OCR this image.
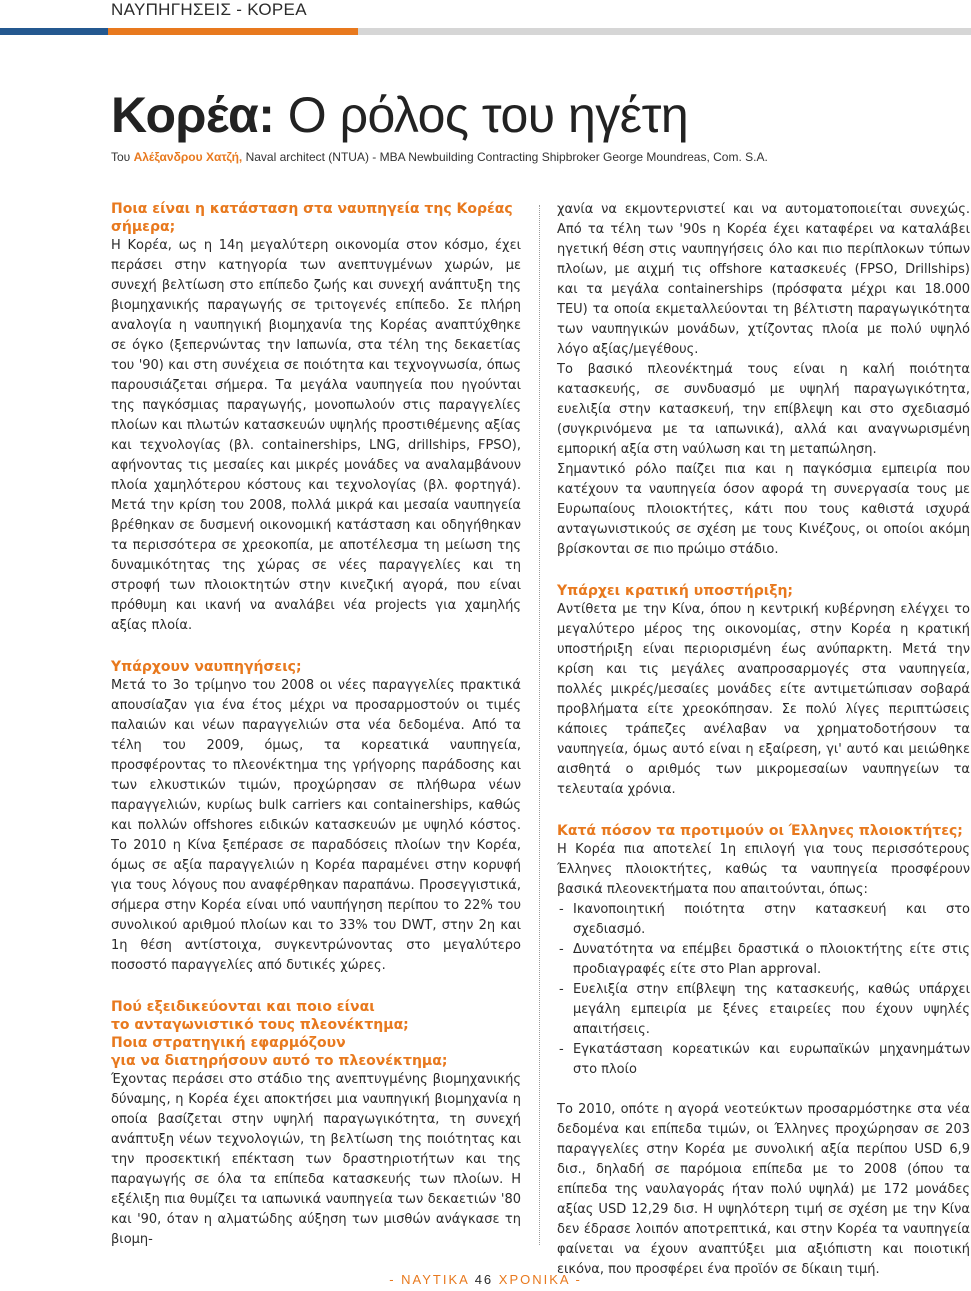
ΝΑΥΠΗΓΗΣΕΙΣ - ΚΟΡΕΑ
Κορέα: Ο ρόλος του ηγέτη
Του Αλέξανδρου Χατζή, Naval architect (NTUA) - MBA Newbuilding Contracting Shipbroker George Moundreas, Com. S.A.
Ποια είναι η κατάσταση στα ναυπηγεία της Κορέας σήμερα;

Η Κορέα, ως η 14η μεγαλύτερη οικονομία στον κόσμο, έχει περάσει στην κατηγορία των ανεπτυγμένων χωρών, με συνεχή βελτίωση στο επίπεδο ζωής και συνεχή ανάπτυξη της βιομηχανικής παραγωγής σε τριτογενές επίπεδο. Σε πλήρη αναλογία η ναυπηγική βιομηχανία της Κορέας αναπτύχθηκε σε όγκο (ξεπερνώντας την Ιαπωνία, στα τέλη της δεκαετίας του '90) και στη συνέχεια σε ποιότητα και τεχνογνωσία, όπως παρουσιάζεται σήμερα. Τα μεγάλα ναυπηγεία που ηγούνται της παγκόσμιας παραγωγής, μονοπωλούν στις παραγγελίες πλοίων και πλωτών κατασκευών υψηλής προστιθέμενης αξίας και τεχνολογίας (βλ. containerships, LNG, drillships, FPSO), αφήνοντας τις μεσαίες και μικρές μονάδες να αναλαμβάνουν πλοία χαμηλότερου κόστους και τεχνολογίας (βλ. φορτηγά). Μετά την κρίση του 2008, πολλά μικρά και μεσαία ναυπηγεία βρέθηκαν σε δυσμενή οικονομική κατάσταση και οδηγήθηκαν τα περισσότερα σε χρεοκοπία, με αποτέλεσμα τη μείωση της δυναμικότητας της χώρας σε νέες παραγγελίες και τη στροφή των πλοιοκτητών στην κινεζική αγορά, που είναι πρόθυμη και ικανή να αναλάβει νέα projects για χαμηλής αξίας πλοία.

Υπάρχουν ναυπηγήσεις;

Μετά το 3ο τρίμηνο του 2008 οι νέες παραγγελίες πρακτικά απουσίαζαν για ένα έτος μέχρι να προσαρμοστούν οι τιμές παλαιών και νέων παραγγελιών στα νέα δεδομένα. Από τα τέλη του 2009, όμως, τα κορεατικά ναυπηγεία, προσφέροντας το πλεονέκτημα της γρήγορης παράδοσης και των ελκυστικών τιμών, προχώρησαν σε πλήθωρα νέων παραγγελιών, κυρίως bulk carriers και containerships, καθώς και πολλών offshores ειδικών κατασκευών με υψηλό κόστος. Το 2010 η Κίνα ξεπέρασε σε παραδόσεις πλοίων την Κορέα, όμως σε αξία παραγγελιών η Κορέα παραμένει στην κορυφή για τους λόγους που αναφέρθηκαν παραπάνω. Προσεγγιστικά, σήμερα στην Κορέα είναι υπό ναυπήγηση περίπου το 22% του συνολικού αριθμού πλοίων και το 33% του DWT, στην 2η και 1η θέση αντίστοιχα, συγκεντρώνοντας στο μεγαλύτερο ποσοστό παραγγελίες από δυτικές χώρες.

Πού εξειδικεύονται και ποιο είναι
το ανταγωνιστικό τους πλεονέκτημα;
Ποια στρατηγική εφαρμόζουν
για να διατηρήσουν αυτό το πλεονέκτημα;

Έχοντας περάσει στο στάδιο της ανεπτυγμένης βιομηχανικής δύναμης, η Κορέα έχει αποκτήσει μια ναυπηγική βιομηχανία η οποία βασίζεται στην υψηλή παραγωγικότητα, τη συνεχή ανάπτυξη νέων τεχνολογιών, τη βελτίωση της ποιότητας και την προσεκτική επέκταση των δραστηριοτήτων και της παραγωγής σε όλα τα επίπεδα κατασκευής των πλοίων. Η εξέλιξη πια θυμίζει τα ιαπωνικά ναυπηγεία των δεκαετιών '80 και '90, όταν η αλματώδης αύξηση των μισθών ανάγκασε τη βιομη-

χανία να εκμοντερνιστεί και να αυτοματοποιείται συνεχώς. Από τα τέλη των '90s η Κορέα έχει καταφέρει να καταλάβει ηγετική θέση στις ναυπηγήσεις όλο και πιο περίπλοκων τύπων πλοίων, με αιχμή τις offshore κατασκευές (FPSO, Drillships) και τα μεγάλα containerships (πρόσφατα μέχρι και 18.000 TEU) τα οποία εκμεταλλεύονται τη βέλτιστη παραγωγικότητα των ναυπηγικών μονάδων, χτίζοντας πλοία με πολύ υψηλό λόγο αξίας/μεγέθους.

Το βασικό πλεονέκτημά τους είναι η καλή ποιότητα κατασκευής, σε συνδυασμό με υψηλή παραγωγικότητα, ευελιξία στην κατασκευή, την επίβλεψη και στο σχεδιασμό (συγκρινόμενα με τα ιαπωνικά), αλλά και αναγνωρισμένη εμπορική αξία στη ναύλωση και τη μεταπώληση.

Σημαντικό ρόλο παίζει πια και η παγκόσμια εμπειρία που κατέχουν τα ναυπηγεία όσον αφορά τη συνεργασία τους με Ευρωπαίους πλοιοκτήτες, κάτι που τους καθιστά ισχυρά ανταγωνιστικούς σε σχέση με τους Κινέζους, οι οποίοι ακόμη βρίσκονται σε πιο πρώιμο στάδιο.

Υπάρχει κρατική υποστήριξη;

Αντίθετα με την Κίνα, όπου η κεντρική κυβέρνηση ελέγχει το μεγαλύτερο μέρος της οικονομίας, στην Κορέα η κρατική υποστήριξη είναι περιορισμένη έως ανύπαρκτη. Μετά την κρίση και τις μεγάλες αναπροσαρμογές στα ναυπηγεία, πολλές μικρές/μεσαίες μονάδες είτε αντιμετώπισαν σοβαρά προβλήματα είτε χρεοκόπησαν. Σε πολύ λίγες περιπτώσεις κάποιες τράπεζες ανέλαβαν να χρηματοδοτήσουν τα ναυπηγεία, όμως αυτό είναι η εξαίρεση, γι' αυτό και μειώθηκε αισθητά ο αριθμός των μικρομεσαίων ναυπηγείων τα τελευταία χρόνια.

Κατά πόσον τα προτιμούν οι Έλληνες πλοιοκτήτες;

Η Κορέα πια αποτελεί 1η επιλογή για τους περισσότερους Έλληνες πλοιοκτήτες, καθώς τα ναυπηγεία προσφέρουν βασικά πλεονεκτήματα που απαιτούνται, όπως:

- Ικανοποιητική ποιότητα στην κατασκευή και στο σχεδιασμό.
- Δυνατότητα να επέμβει δραστικά ο πλοιοκτήτης είτε στις προδιαγραφές είτε στο Plan approval.
- Ευελιξία στην επίβλεψη της κατασκευής, καθώς υπάρχει μεγάλη εμπειρία με ξένες εταιρείες που έχουν υψηλές απαιτήσεις.
- Εγκατάσταση κορεατικών και ευρωπαϊκών μηχανημάτων στο πλοίο

Το 2010, οπότε η αγορά νεοτεύκτων προσαρμόστηκε στα νέα δεδομένα και επίπεδα τιμών, οι Έλληνες προχώρησαν σε 203 παραγγελίες στην Κορέα με συνολική αξία περίπου USD 6,9 δισ., δηλαδή σε παρόμοια επίπεδα με το 2008 (όπου τα επίπεδα της ναυλαγοράς ήταν πολύ υψηλά) με 172 μονάδες αξίας USD 12,29 δισ. Η υψηλότερη τιμή σε σχέση με την Κίνα δεν έδρασε λοιπόν αποτρεπτικά, και στην Κορέα τα ναυπηγεία φαίνεται να έχουν αναπτύξει μια αξιόπιστη και ποιοτική εικόνα, που προσφέρει ένα προϊόν σε δίκαιη τιμή.

- ΝΑΥΤΙΚΑ 46 ΧΡΟΝΙΚΑ -
